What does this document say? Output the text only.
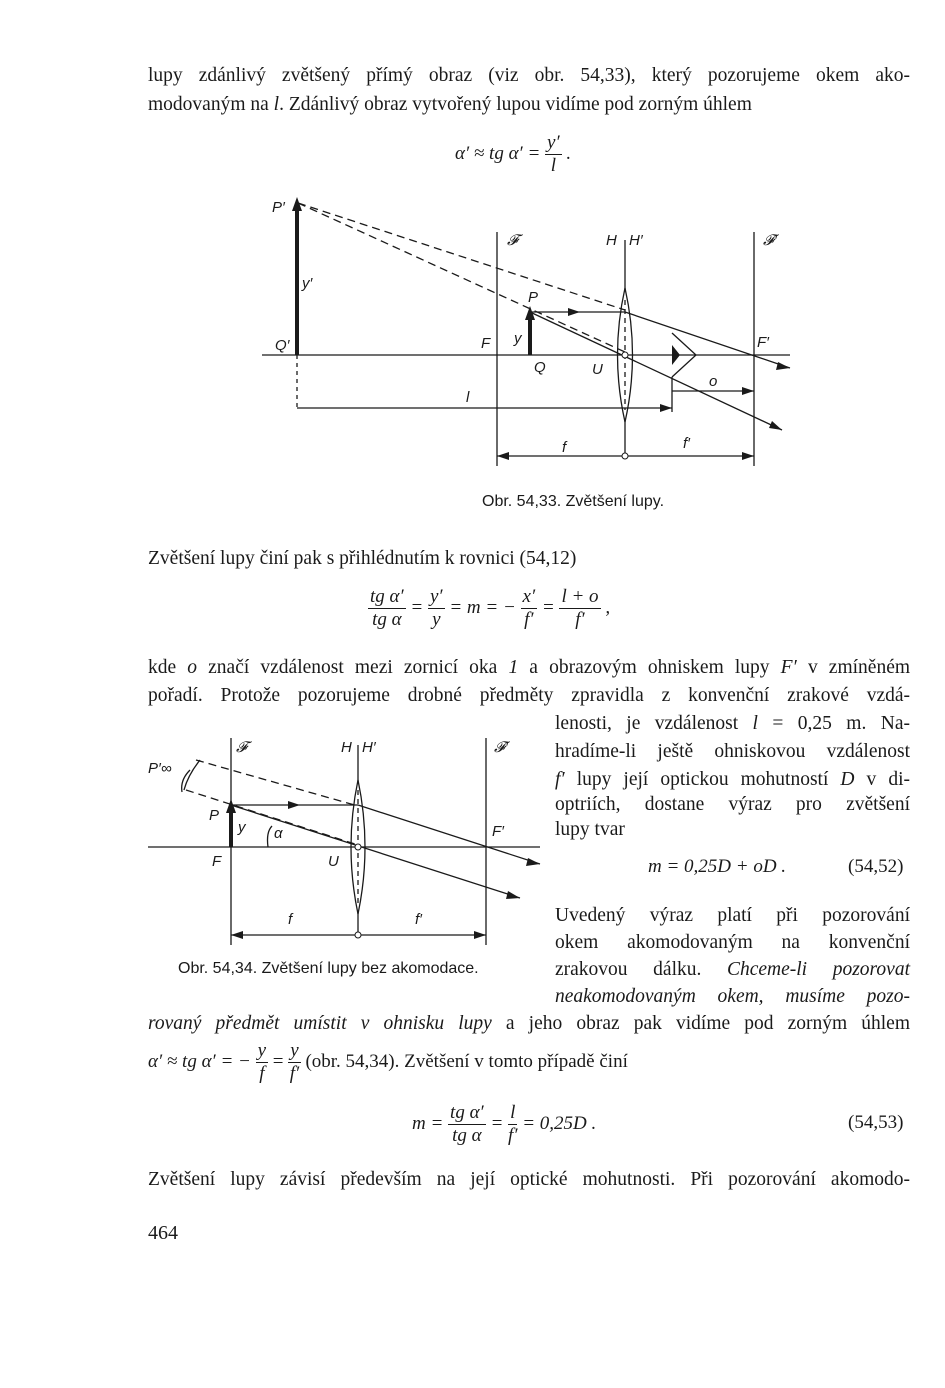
lupy zdánlivý zvětšený přímý obraz (viz obr. 54,33), který pozorujeme okem ako-
modovaným na l. Zdánlivý obraz vytvořený lupou vidíme pod zorným úhlem
α′ ≈ tg $\alpha' = \frac{y'}{l}$ .
P′
y′
Q′
𝓕	H H′	𝓕′
P
F y
Q	U
F′
o
l
f	f′
Obr. 54,33. Zvětšení lupy.
Zvětšení lupy činí pak s přihlédnutím k rovnici (54,12)
$\frac{\text{tg α′}}{\text{tg α}} = \frac{y'}{y} = m$ = − $\frac{x'}{f'} = \frac{l + o}{f'}$ ,
kde o značí vzdálenost mezi zornicí oka 1 a obrazovým ohniskem lupy F′ v zmíněném
pořadí. Protože pozorujeme drobné předměty zpravidla z konvenční zrakové vzdá-
lenosti, je vzdálenost l = 0,25 m. Na-
hradíme-li ještě ohniskovou vzdálenost
f′ lupy její optickou mohutností D v di-
optriích, dostane výraz pro zvětšení
lupy tvar
m = 0,25D + oD .	(54,52)
P′∞
𝓕	H H′	𝓕′
P
y α
F	U
F′
f	f′
Obr. 54,34. Zvětšení lupy bez akomodace.
Uvedený výraz platí při pozorování
okem akomodovaným na konvenční
zrakovou dálku. Chceme-li pozorovat
neakomodovaným okem, musíme pozo-
rovaný předmět umístit v ohnisku lupy a jeho obraz pak vidíme pod zorným úhlem
α′ ≈ tg α′ = − $\frac{y}{f} = \frac{y}{f'} (obr$. 54,34). Zvětšení v tomto případě činí
$m = \frac{\text{tg α′}}{\text{tg α}} = \frac{l}{f'} = 0,25D$ .	(54,53)
Zvětšení lupy závisí především na její optické mohutnosti. Při pozorování akomodo-
464
